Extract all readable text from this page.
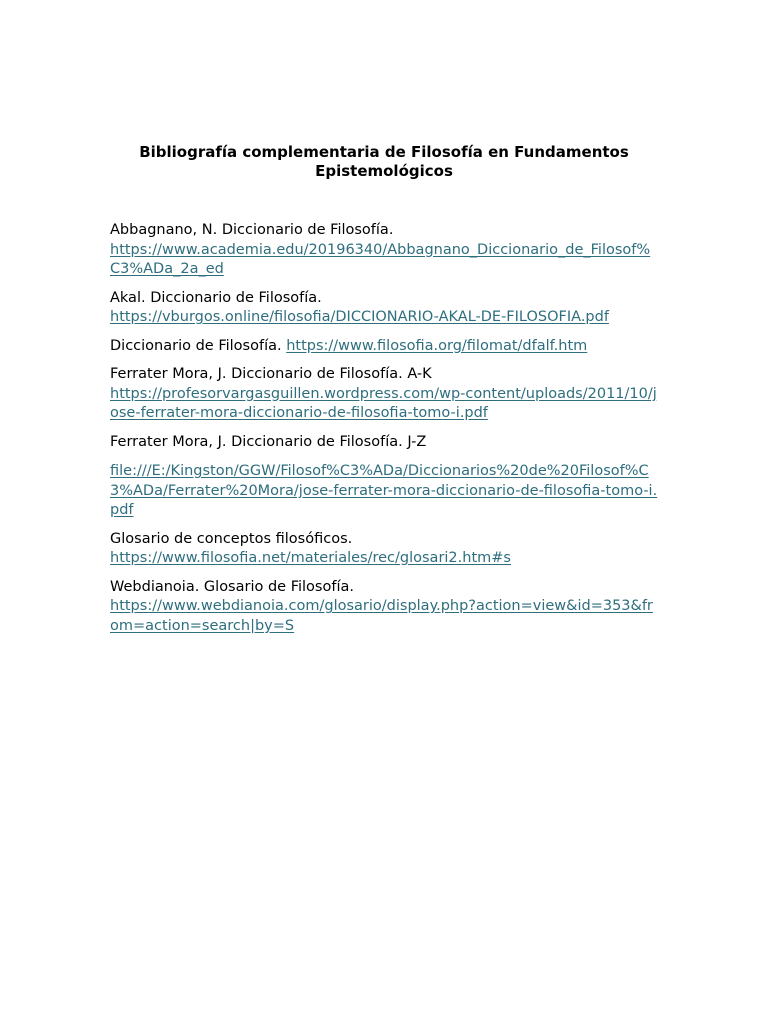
Bibliografía complementaria de Filosofía en Fundamentos Epistemológicos
Abbagnano, N. Diccionario de Filosofía.
https://www.academia.edu/20196340/Abbagnano_Diccionario_de_Filosof%C3%ADa_2a_ed
Akal. Diccionario de Filosofía.
https://vburgos.online/filosofia/DICCIONARIO-AKAL-DE-FILOSOFIA.pdf
Diccionario de Filosofía. https://www.filosofia.org/filomat/dfalf.htm
Ferrater Mora, J. Diccionario de Filosofía. A-K
https://profesorvargasguillen.wordpress.com/wp-content/uploads/2011/10/jose-ferrater-mora-diccionario-de-filosofia-tomo-i.pdf
Ferrater Mora, J. Diccionario de Filosofía. J-Z
file:///E:/Kingston/GGW/Filosof%C3%ADa/Diccionarios%20de%20Filosof%C3%ADa/Ferrater%20Mora/jose-ferrater-mora-diccionario-de-filosofia-tomo-i.pdf
Glosario de conceptos filosóficos.
https://www.filosofia.net/materiales/rec/glosari2.htm#s
Webdianoia. Glosario de Filosofía.
https://www.webdianoia.com/glosario/display.php?action=view&id=353&from=action=search|by=S
